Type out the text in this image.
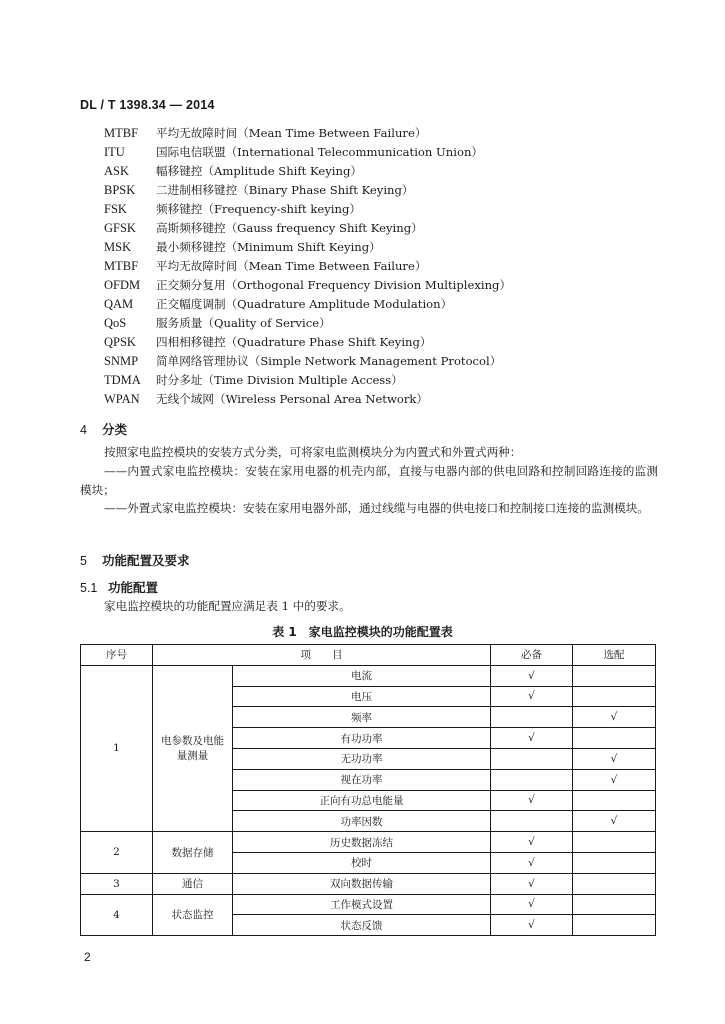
DL / T 1398.34 — 2014
MTBF 平均无故障时间（Mean Time Between Failure）
ITU	国际电信联盟（International Telecommunication Union）
ASK 幅移键控（Amplitude Shift Keying）
BPSK 二进制相移键控（Binary Phase Shift Keying）
FSK	频移键控（Frequency-shift keying）
GFSK 高斯频移键控（Gauss frequency Shift Keying）
MSK 最小频移键控（Minimum Shift Keying）
MTBF 平均无故障时间（Mean Time Between Failure）
OFDM 正交频分复用（Orthogonal Frequency Division Multiplexing）
QAM 正交幅度调制（Quadrature Amplitude Modulation）
QoS	服务质量（Quality of Service）
QPSK 四相相移键控（Quadrature Phase Shift Keying）
SNMP 简单网络管理协议（Simple Network Management Protocol）
TDMA 时分多址（Time Division Multiple Access）
WPAN 无线个域网（Wireless Personal Area Network）
4 分类

按照家电监控模块的安装方式分类，可将家电监测模块分为内置式和外置式两种：

——内置式家电监控模块：安装在家用电器的机壳内部，直接与电器内部的供电回路和控制回路连接的监测模块；

——外置式家电监控模块：安装在家用电器外部，通过线缆与电器的供电接口和控制接口连接的监测模块。

5 功能配置及要求
5.1 功能配置

家电监控模块的功能配置应满足表 1 中的要求。

表 1　家电监控模块的功能配置表
序号	项　　目		必备	选配
1	电参数及电能量测量	电流	√	
		电压	√	
		频率		√
		有功功率	√	
		无功功率		√
		视在功率		√
		正向有功总电能量	√	
		功率因数		√
2	数据存储	历史数据冻结	√	
		校时	√	
3	通信	双向数据传输	√	
4	状态监控	工作模式设置	√	
		状态反馈	√	
2
